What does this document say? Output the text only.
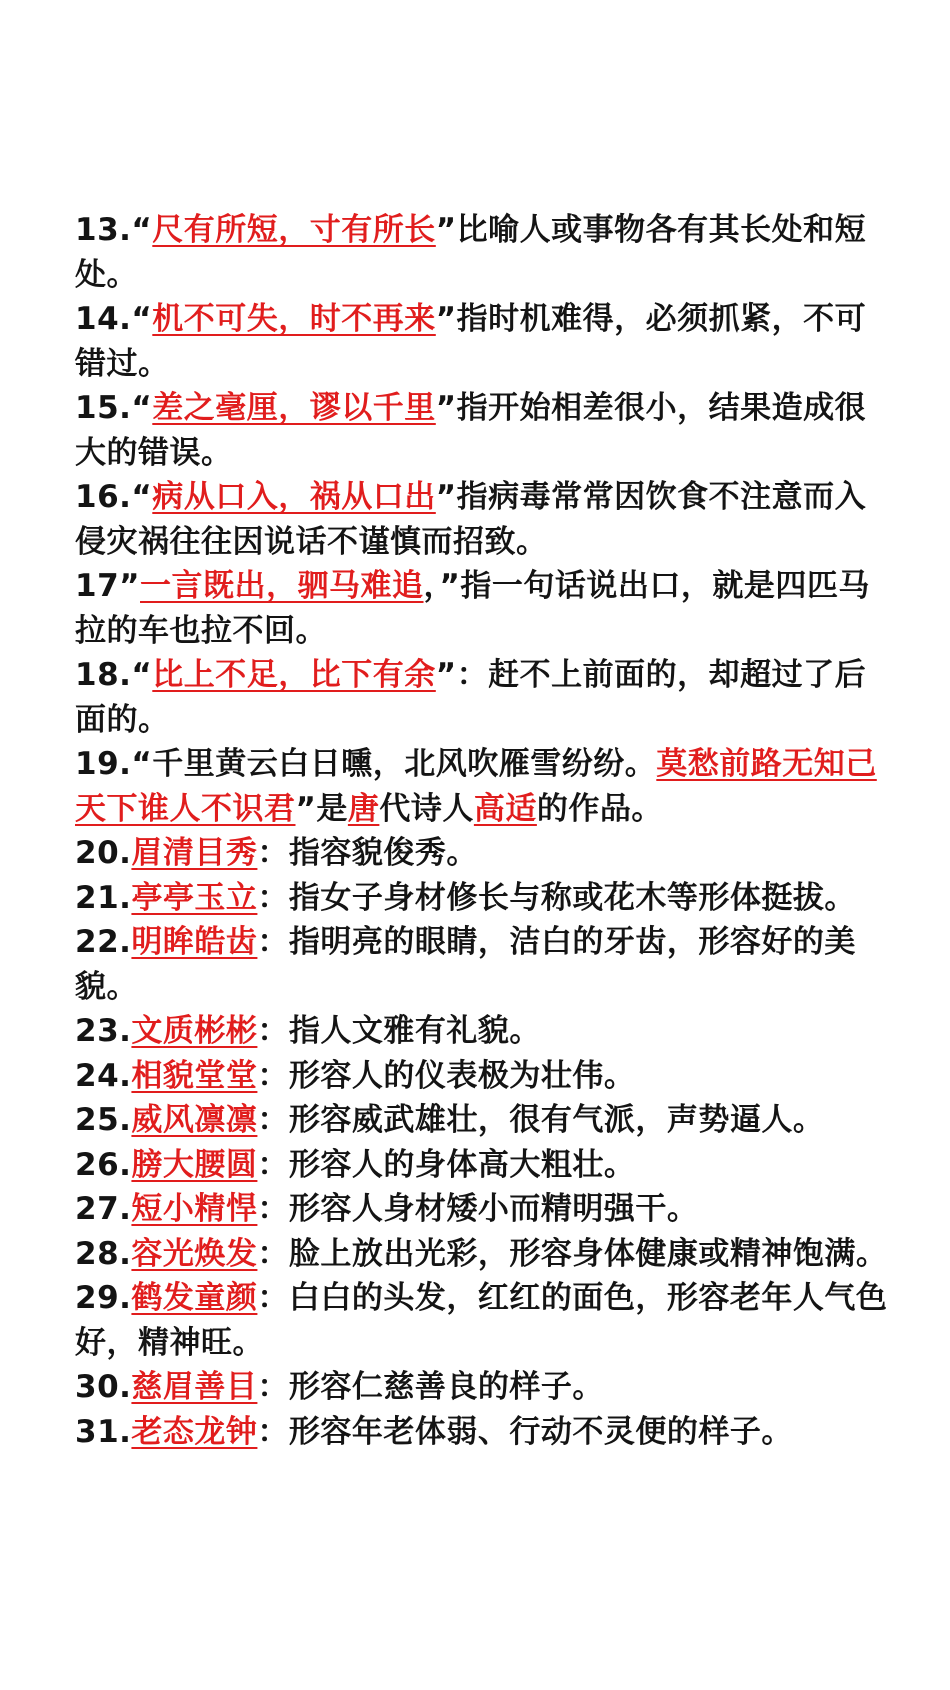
13.“尺有所短，寸有所长”比喻人或事物各有其长处和短处。

14.“机不可失，时不再来”指时机难得，必须抓紧，不可错过。

15.“差之毫厘，谬以千里”指开始相差很小，结果造成很大的错误。

16.“病从口入，祸从口出”指病毒常常因饮食不注意而入侵灾祸往往因说话不谨慎而招致。

17”一言既出，驷马难追，”指一句话说出口，就是四匹马拉的车也拉不回。

18.“比上不足，比下有余”：赶不上前面的，却超过了后面的。

19.“千里黄云白日曛，北风吹雁雪纷纷。莫愁前路无知己天下谁人不识君”是唐代诗人高适的作品。

20.眉清目秀：指容貌俊秀。

21.亭亭玉立：指女子身材修长与称或花木等形体挺拔。

22.明眸皓齿：指明亮的眼睛，洁白的牙齿，形容好的美貌。

23.文质彬彬：指人文雅有礼貌。

24.相貌堂堂：形容人的仪表极为壮伟。

25.威风凛凛：形容威武雄壮，很有气派，声势逼人。

26.膀大腰圆：形容人的身体高大粗壮。

27.短小精悍：形容人身材矮小而精明强干。

28.容光焕发：脸上放出光彩，形容身体健康或精神饱满。

29.鹤发童颜：白白的头发，红红的面色，形容老年人气色好，精神旺。

30.慈眉善目：形容仁慈善良的样子。

31.老态龙钟：形容年老体弱、行动不灵便的样子。
